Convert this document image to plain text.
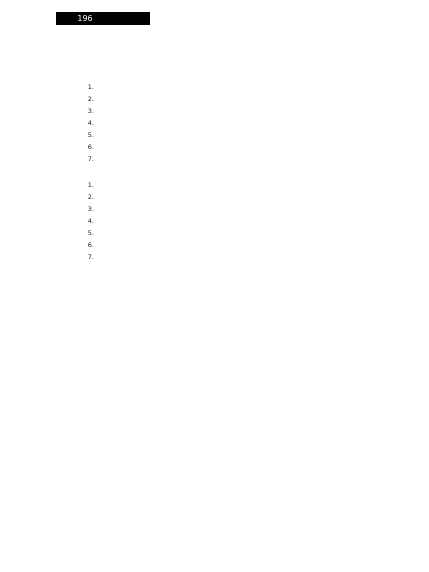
196

1.
2.
3.
4.
5.
6.
7.
1.
2.
3.
4.
5.
6.
7.
